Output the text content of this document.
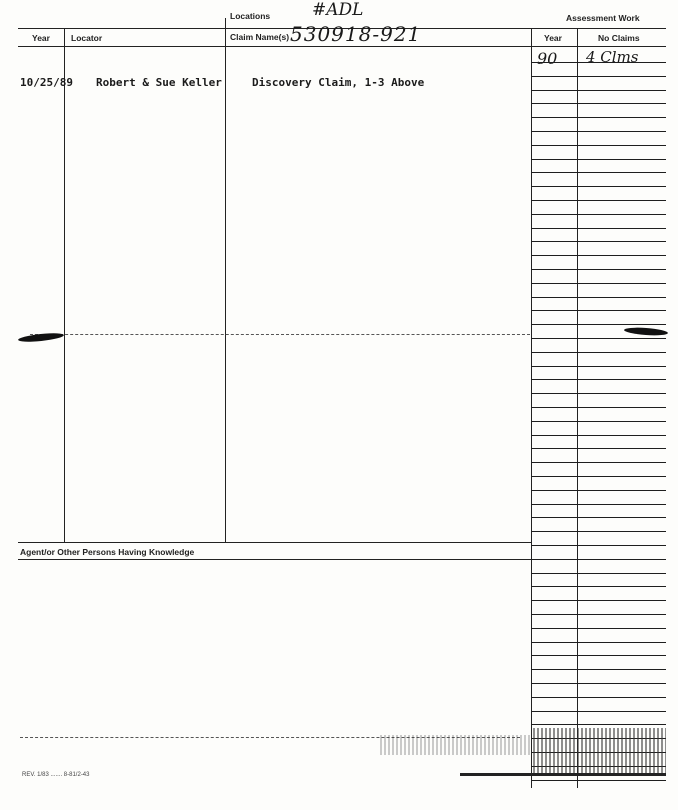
Locations #ADL	Assessment Work
Year Locator	Claim Name(s) 530918-921	Year	No Claims
10/25/89 Robert & Sue Keller	Discovery Claim, 1-3 Above
90 4 Clms
Agent/or Other Persons Having Knowledge
REV. 1/83 ....... 8-81/2-43
